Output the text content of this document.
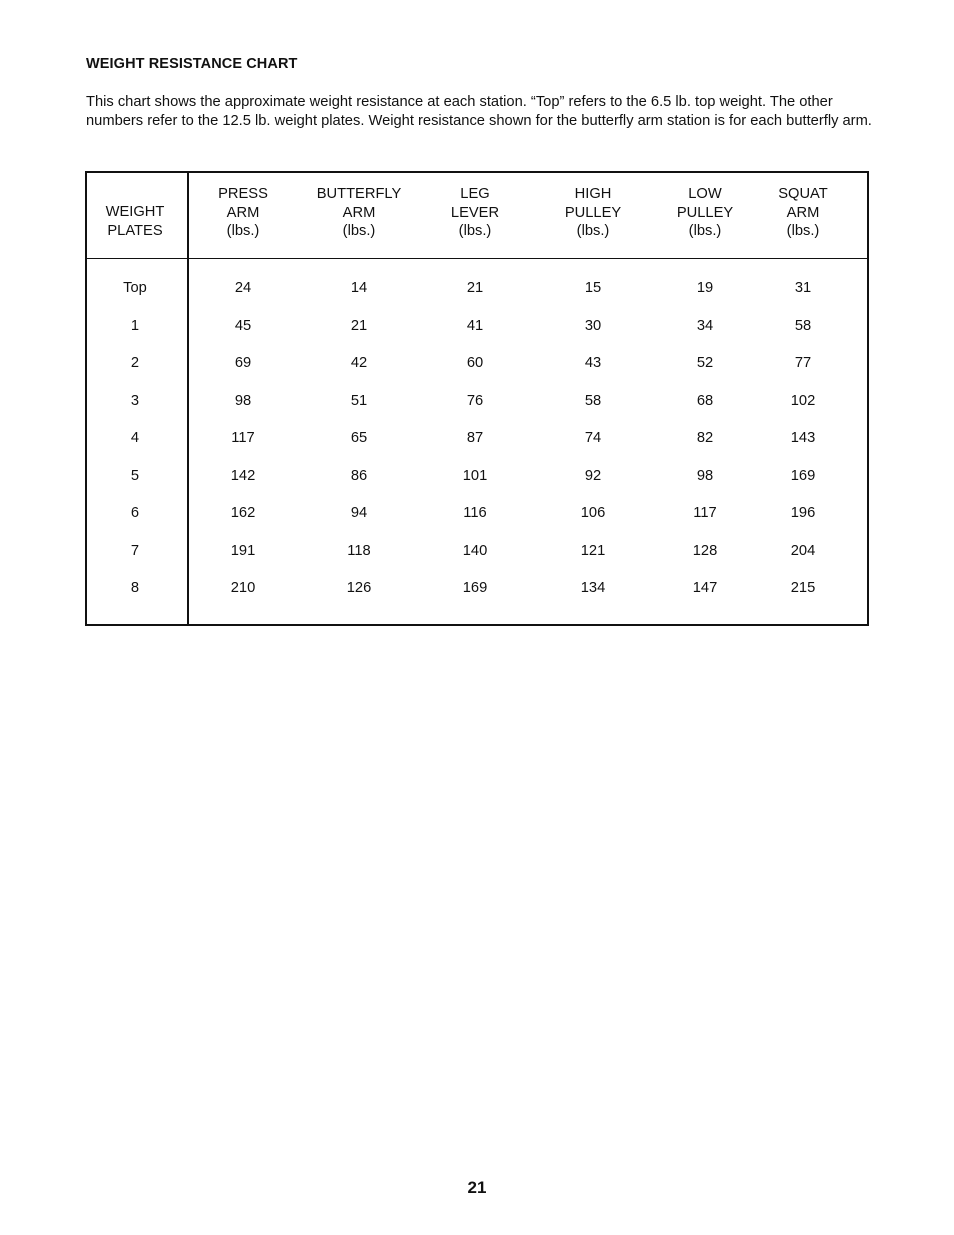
WEIGHT RESISTANCE CHART
This chart shows the approximate weight resistance at each station. “Top” refers to the 6.5 lb. top weight. The other numbers refer to the 12.5 lb. weight plates. Weight resistance shown for the butterfly arm station is for each butterfly arm.
WEIGHT
PLATES
Top
1
2
3
4
5
6
7
8
PRESS
ARM
(lbs.)
24
45
69
98
117
142
162
191
210
BUTTERFLY
ARM
(lbs.)
14
21
42
51
65
86
94
118
126
LEG
LEVER
(lbs.)
21
41
60
76
87
101
116
140
169
HIGH
PULLEY
(lbs.)
15
30
43
58
74
92
106
121
134
LOW
PULLEY
(lbs.)
19
34
52
68
82
98
117
128
147
SQUAT
ARM
(lbs.)
31
58
77
102
143
169
196
204
215
21
